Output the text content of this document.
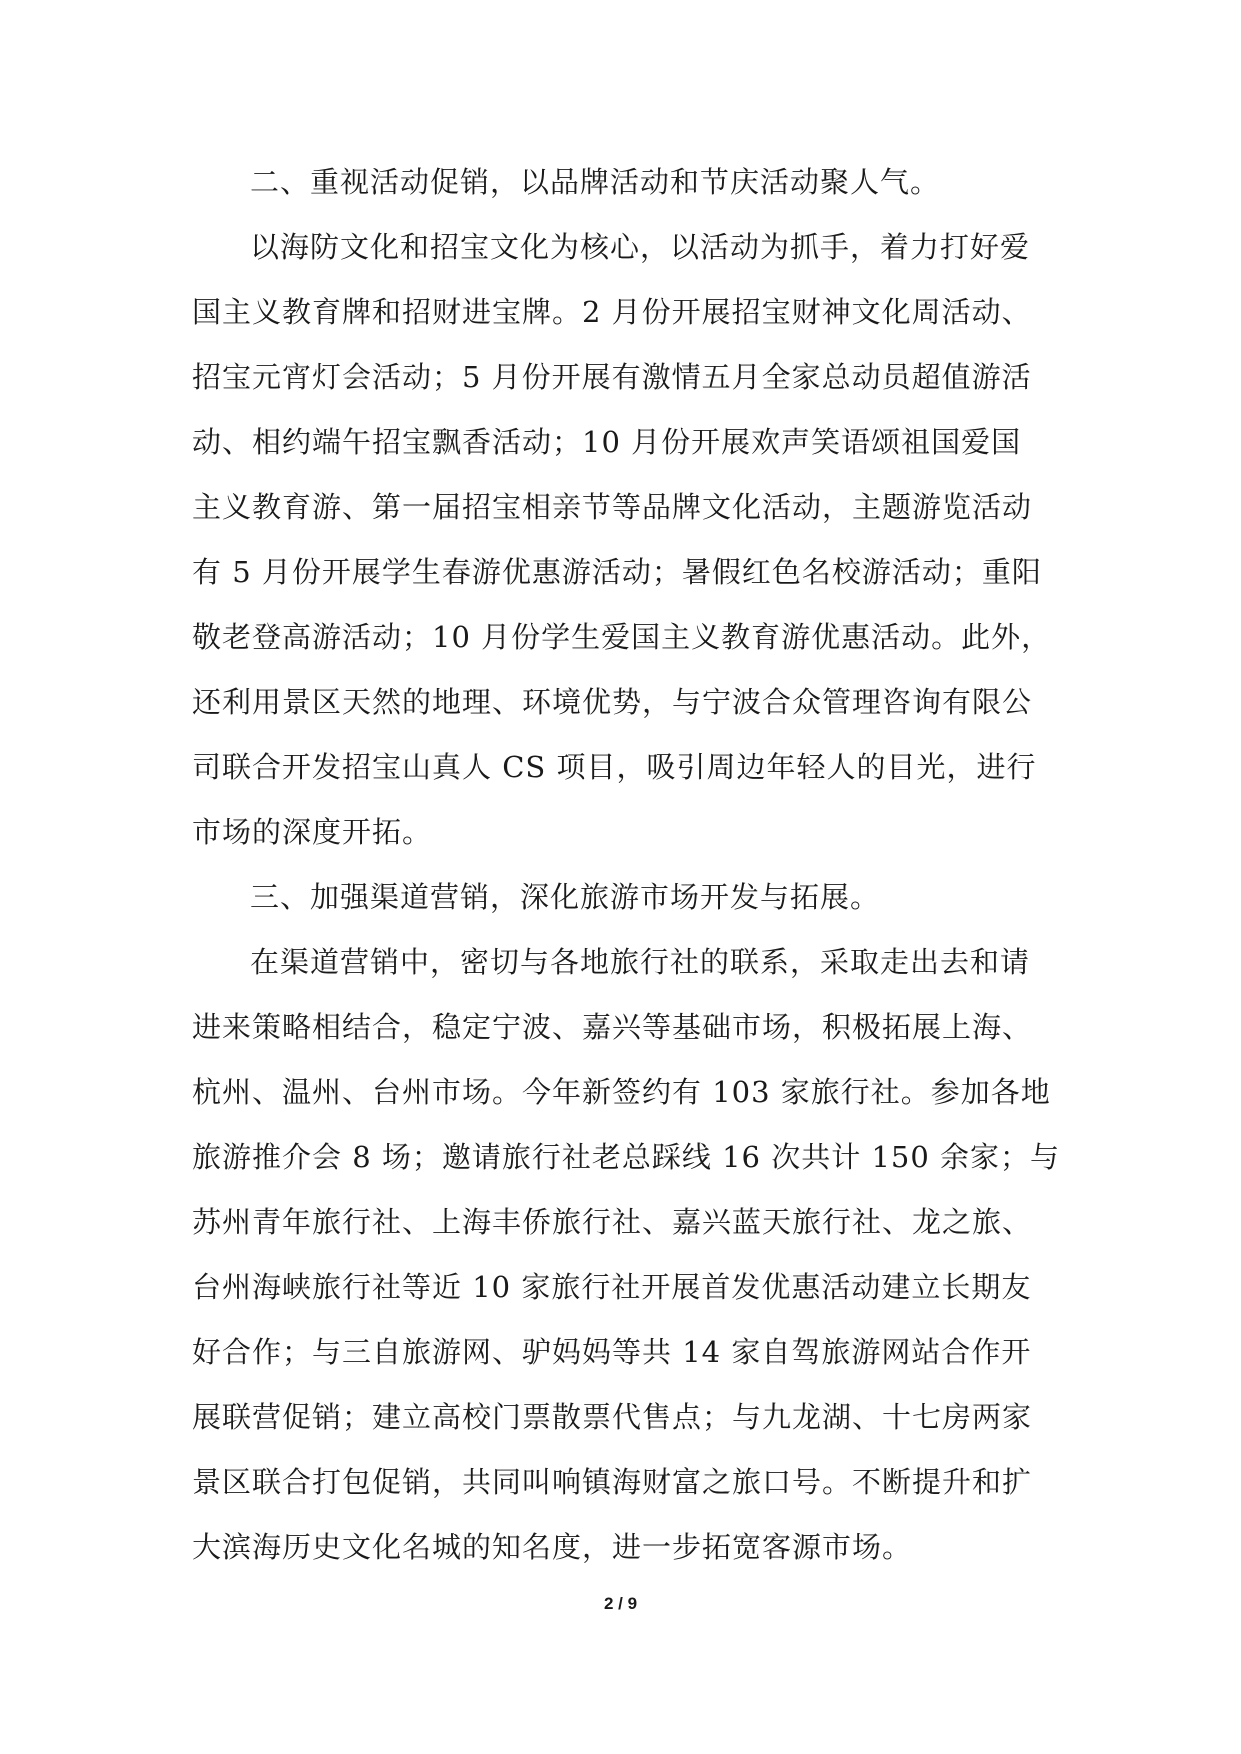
二、重视活动促销，以品牌活动和节庆活动聚人气。

以海防文化和招宝文化为核心，以活动为抓手，着力打好爱
国主义教育牌和招财进宝牌。2 月份开展招宝财神文化周活动、
招宝元宵灯会活动；5 月份开展有激情五月全家总动员超值游活
动、相约端午招宝飘香活动；10 月份开展欢声笑语颂祖国爱国
主义教育游、第一届招宝相亲节等品牌文化活动，主题游览活动
有 5 月份开展学生春游优惠游活动；暑假红色名校游活动；重阳
敬老登高游活动；10 月份学生爱国主义教育游优惠活动。此外，
还利用景区天然的地理、环境优势，与宁波合众管理咨询有限公
司联合开发招宝山真人 CS 项目，吸引周边年轻人的目光，进行
市场的深度开拓。

三、加强渠道营销，深化旅游市场开发与拓展。

在渠道营销中，密切与各地旅行社的联系，采取走出去和请
进来策略相结合，稳定宁波、嘉兴等基础市场，积极拓展上海、
杭州、温州、台州市场。今年新签约有 103 家旅行社。参加各地
旅游推介会 8 场；邀请旅行社老总踩线 16 次共计 150 余家；与
苏州青年旅行社、上海丰侨旅行社、嘉兴蓝天旅行社、龙之旅、
台州海峡旅行社等近 10 家旅行社开展首发优惠活动建立长期友
好合作；与三自旅游网、驴妈妈等共 14 家自驾旅游网站合作开
展联营促销；建立高校门票散票代售点；与九龙湖、十七房两家
景区联合打包促销，共同叫响镇海财富之旅口号。不断提升和扩
大滨海历史文化名城的知名度，进一步拓宽客源市场。

2 / 9
